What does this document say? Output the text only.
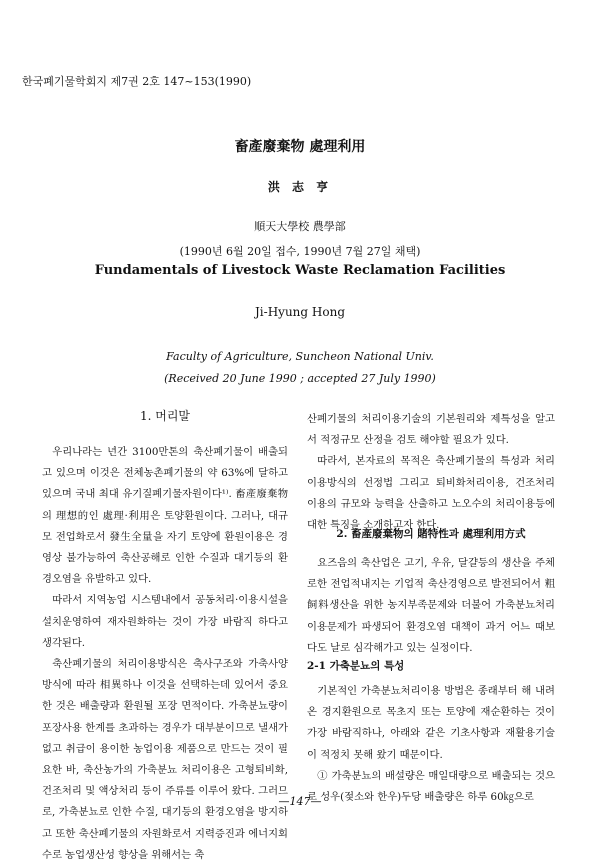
한국폐기물학회지 제7권 2호 147~153(1990)
畜產廢棄物 處理利用
洪 志 亨
順天大學校 農學部
(1990년 6월 20일 접수, 1990년 7월 27일 채택)
Fundamentals of Livestock Waste Reclamation Facilities
Ji-Hyung Hong
Faculty of Agriculture, Suncheon National Univ.
(Received 20 June 1990 ; accepted 27 July 1990)
1. 머리말

우리나라는 년간 3100만톤의 축산폐기물이 배출되고 있으며 이것은 전체농촌폐기물의 약 63%에 달하고 있으며 국내 최대 유기질폐기물자원이다¹⁾. 畜產廢棄物의 理想的인 處理·利用은 토양환원이다. 그러나, 대규모 전업화로서 發生全量을 자기 토양에 환원이용은 경영상 불가능하여 축산공해로 인한 수질과 대기등의 환경오염을 유발하고 있다.

따라서 지역농업 시스템내에서 공동처리·이용시설을 설치운영하여 재자원화하는 것이 가장 바람직 하다고 생각된다.

축산폐기물의 처리이용방식은 축사구조와 가축사양방식에 따라 相異하나 이것을 선택하는데 있어서 중요한 것은 배출량과 환원될 포장 면적이다. 가축분뇨량이 포장사용 한계를 초과하는 경우가 대부분이므로 낼새가 없고 취급이 용이한 농업이용 제품으로 만드는 것이 필요한 바, 축산농가의 가축분뇨 처리이용은 고형퇴비화, 건조처리 및 액상처리 등이 주류를 이루어 왔다. 그러므로, 가축분뇨로 인한 수질, 대기등의 환경오염을 방지하고 또한 축산폐기물의 자원화로서 지력증진과 에너지회수로 농업생산성 향상을 위해서는 축

산폐기물의 처리이용기술의 기본원리와 제특성을 알고서 적정규모 산정을 검토 해야할 필요가 있다.

따라서, 본자료의 목적은 축산폐기물의 특성과 처리이용방식의 선정법 그리고 퇴비화처리이용, 건조처리 이용의 규모와 능력을 산출하고 노오수의 처리이용등에 대한 특징을 소개하고자 한다.

2. 畜產廢棄物의 賭特性과 處理利用方式

요즈음의 축산업은 고기, 우유, 달걀등의 생산을 주체로한 전업적내지는 기업적 축산경영으로 발전되어서 粗飼料생산을 위한 농지부족문제와 더불어 가축분뇨처리이용문제가 파생되어 환경오염 대책이 과거 어느 때보다도 날로 심각해가고 있는 실정이다.

2-1 가축분뇨의 특성

기본적인 가축분뇨처리이용 방법은 종래부터 해 내려온 경지환원으로 목초지 또는 토양에 재순환하는 것이 가장 바람직하나, 아래와 같은 기초사항과 재활용기술이 적정치 못해 왔기 때문이다.

① 가축분뇨의 배설량은 매일대량으로 배출되는 것으로 성우(젖소와 한우)두당 배출량은 하루 60㎏으로

—147—
